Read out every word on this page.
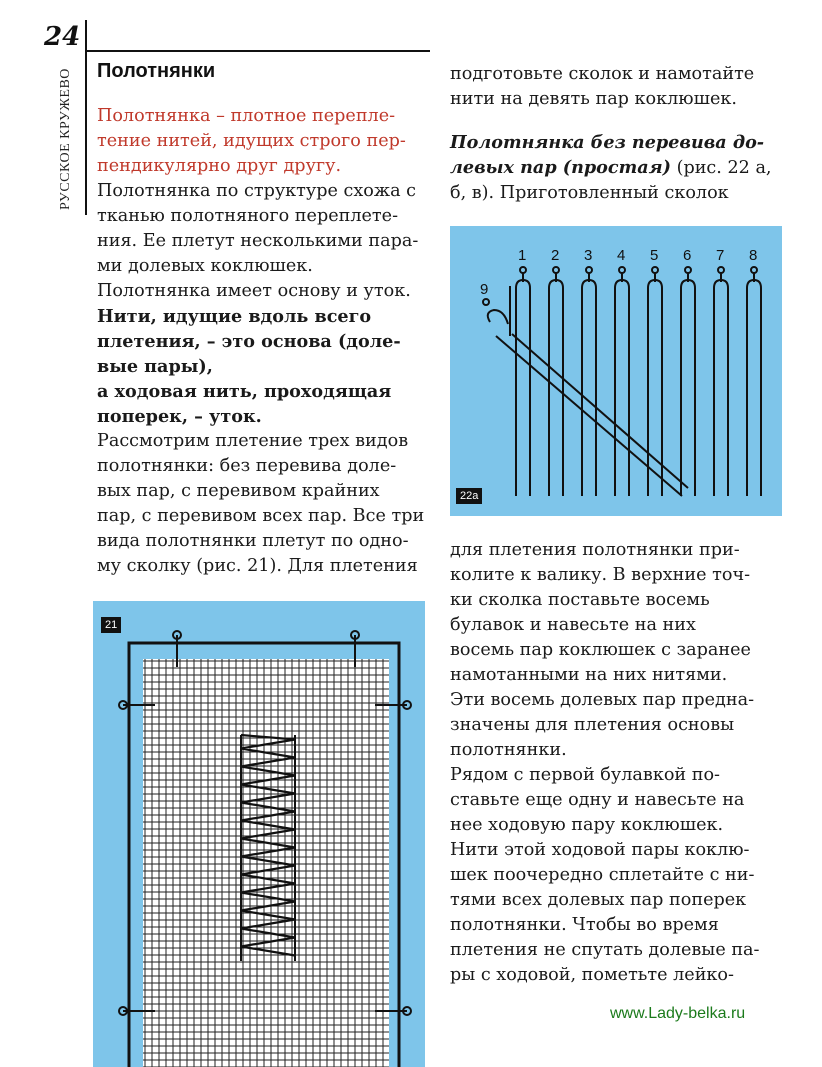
24
РУССКОЕ КРУЖЕВО Полотнянки

Полотнянка – плотное перепле-

тение нитей, идущих строго пер-

пендикулярно друг другу.

Полотнянка по структуре схожа с

тканью полотняного переплете-

ния. Ее плетут несколькими пара-

ми долевых коклюшек.

Полотнянка имеет основу и уток.

Нити, идущие вдоль всего

плетения, – это основа (доле-

вые пары),

а ходовая нить, проходящая

поперек, – уток.

Рассмотрим плетение трех видов

полотнянки: без перевива доле-

вых пар, с перевивом крайних

пар, с перевивом всех пар. Все три

вида полотнянки плетут по одно-

му сколку (рис. 21). Для плетения

подготовьте сколок и намотайте

нити на девять пар коклюшек.

Полотнянка без перевива до-

левых пар (простая) (рис. 22 а,

б, в). Приготовленный сколок

1 2 3 4 5 6 7 8
9
22а

для плетения полотнянки при-

колите к валику. В верхние точ-

ки сколка поставьте восемь

булавок и навесьте на них

восемь пар коклюшек с заранее

намотанными на них нитями.

Эти восемь долевых пар предна-

значены для плетения основы

полотнянки.

Рядом с первой булавкой по-

ставьте еще одну и навесьте на

нее ходовую пару коклюшек.

Нити этой ходовой пары коклю-

шек поочередно сплетайте с ни-

тями всех долевых пар поперек

полотнянки. Чтобы во время

плетения не спутать долевые па-

ры с ходовой, пометьте лейко-

21
www.Lady-belka.ru
